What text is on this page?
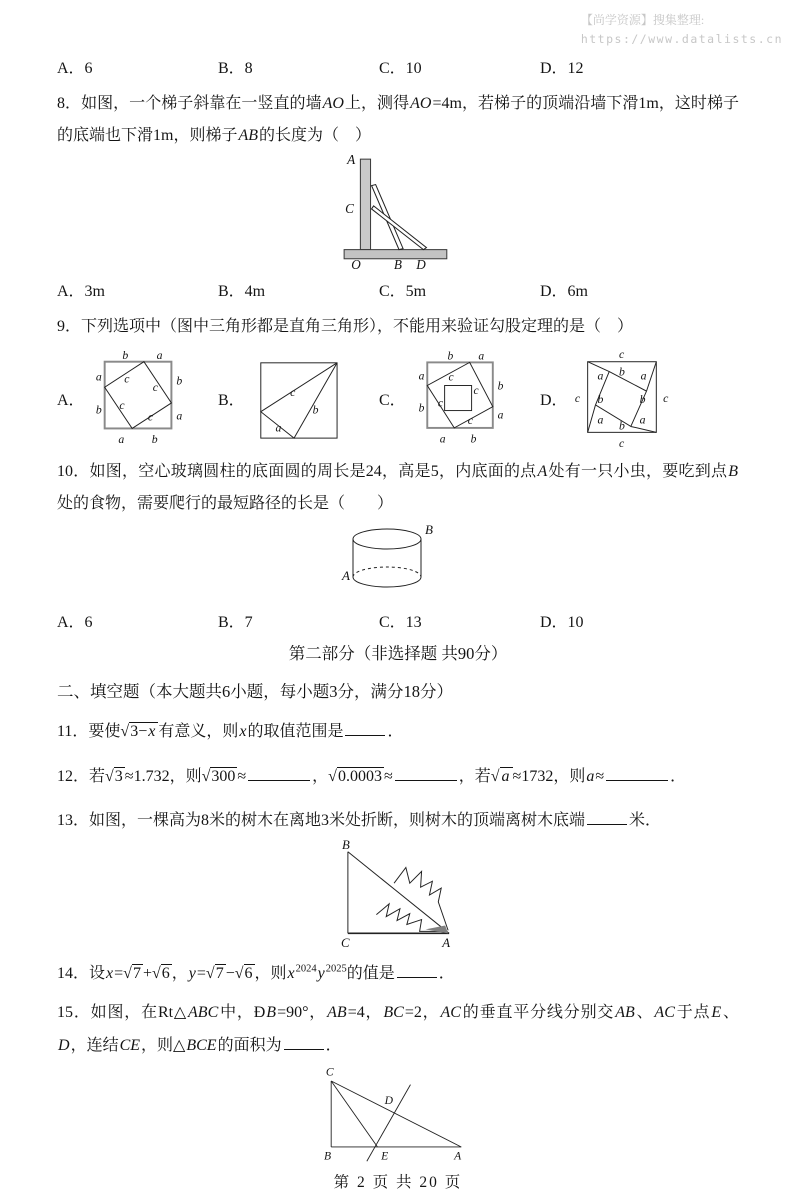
【尚学资源】搜集整理:
https://www.datalists.cn
A．6	B．8	C．10	D．12

8．如图，一个梯子斜靠在一竖直的墙AO上，测得AO=4m，若梯子的顶端沿墙下滑1m，这时梯子的底端也下滑1m，则梯子AB的长度为（　）

A
C
O	B D
A．3m	B．4m	C．5m	D．6m

9．下列选项中（图中三角形都是直角三角形），不能用来验证勾股定理的是（　）

A．
b a
a
b
b
a
a b
c
c
c
c
B．	c
b
a
C．
b a
a
b
b
a
a b
c
c
c
c
D．
c
c	c
c
a b a
b	b
a b a

10．如图，空心玻璃圆柱的底面圆的周长是24，高是5，内底面的点A处有一只小虫，要吃到点B处的食物，需要爬行的最短路径的长是（　　）

B
A
A．6	B．7	C．13	D．10
第二部分（非选择题 共90分）
二、填空题（本大题共6小题，每小题3分，满分18分）

11．要使√3−x 有意义，则x的取值范围是	．

12．若√3 ≈1.732，则√300 ≈	，√0.0003 ≈	，若√ a ≈1732，则a≈	．

13．如图，一棵高为8米的树木在离地3米处折断，则树木的顶端离树木底端	米．

B
C	A

14．设x=√7 +√6 ，y=√7 −√6 ，则$x^{2024}y^{2025}$的值是	．

15．如图，在Rt△ABC中，ĐB=90°，AB=4，BC=2，AC的垂直平分线分别交AB、AC于点E、D，连结CE，则△BCE的面积为	．

C
D
B	E	A
第 2 页 共 20 页
